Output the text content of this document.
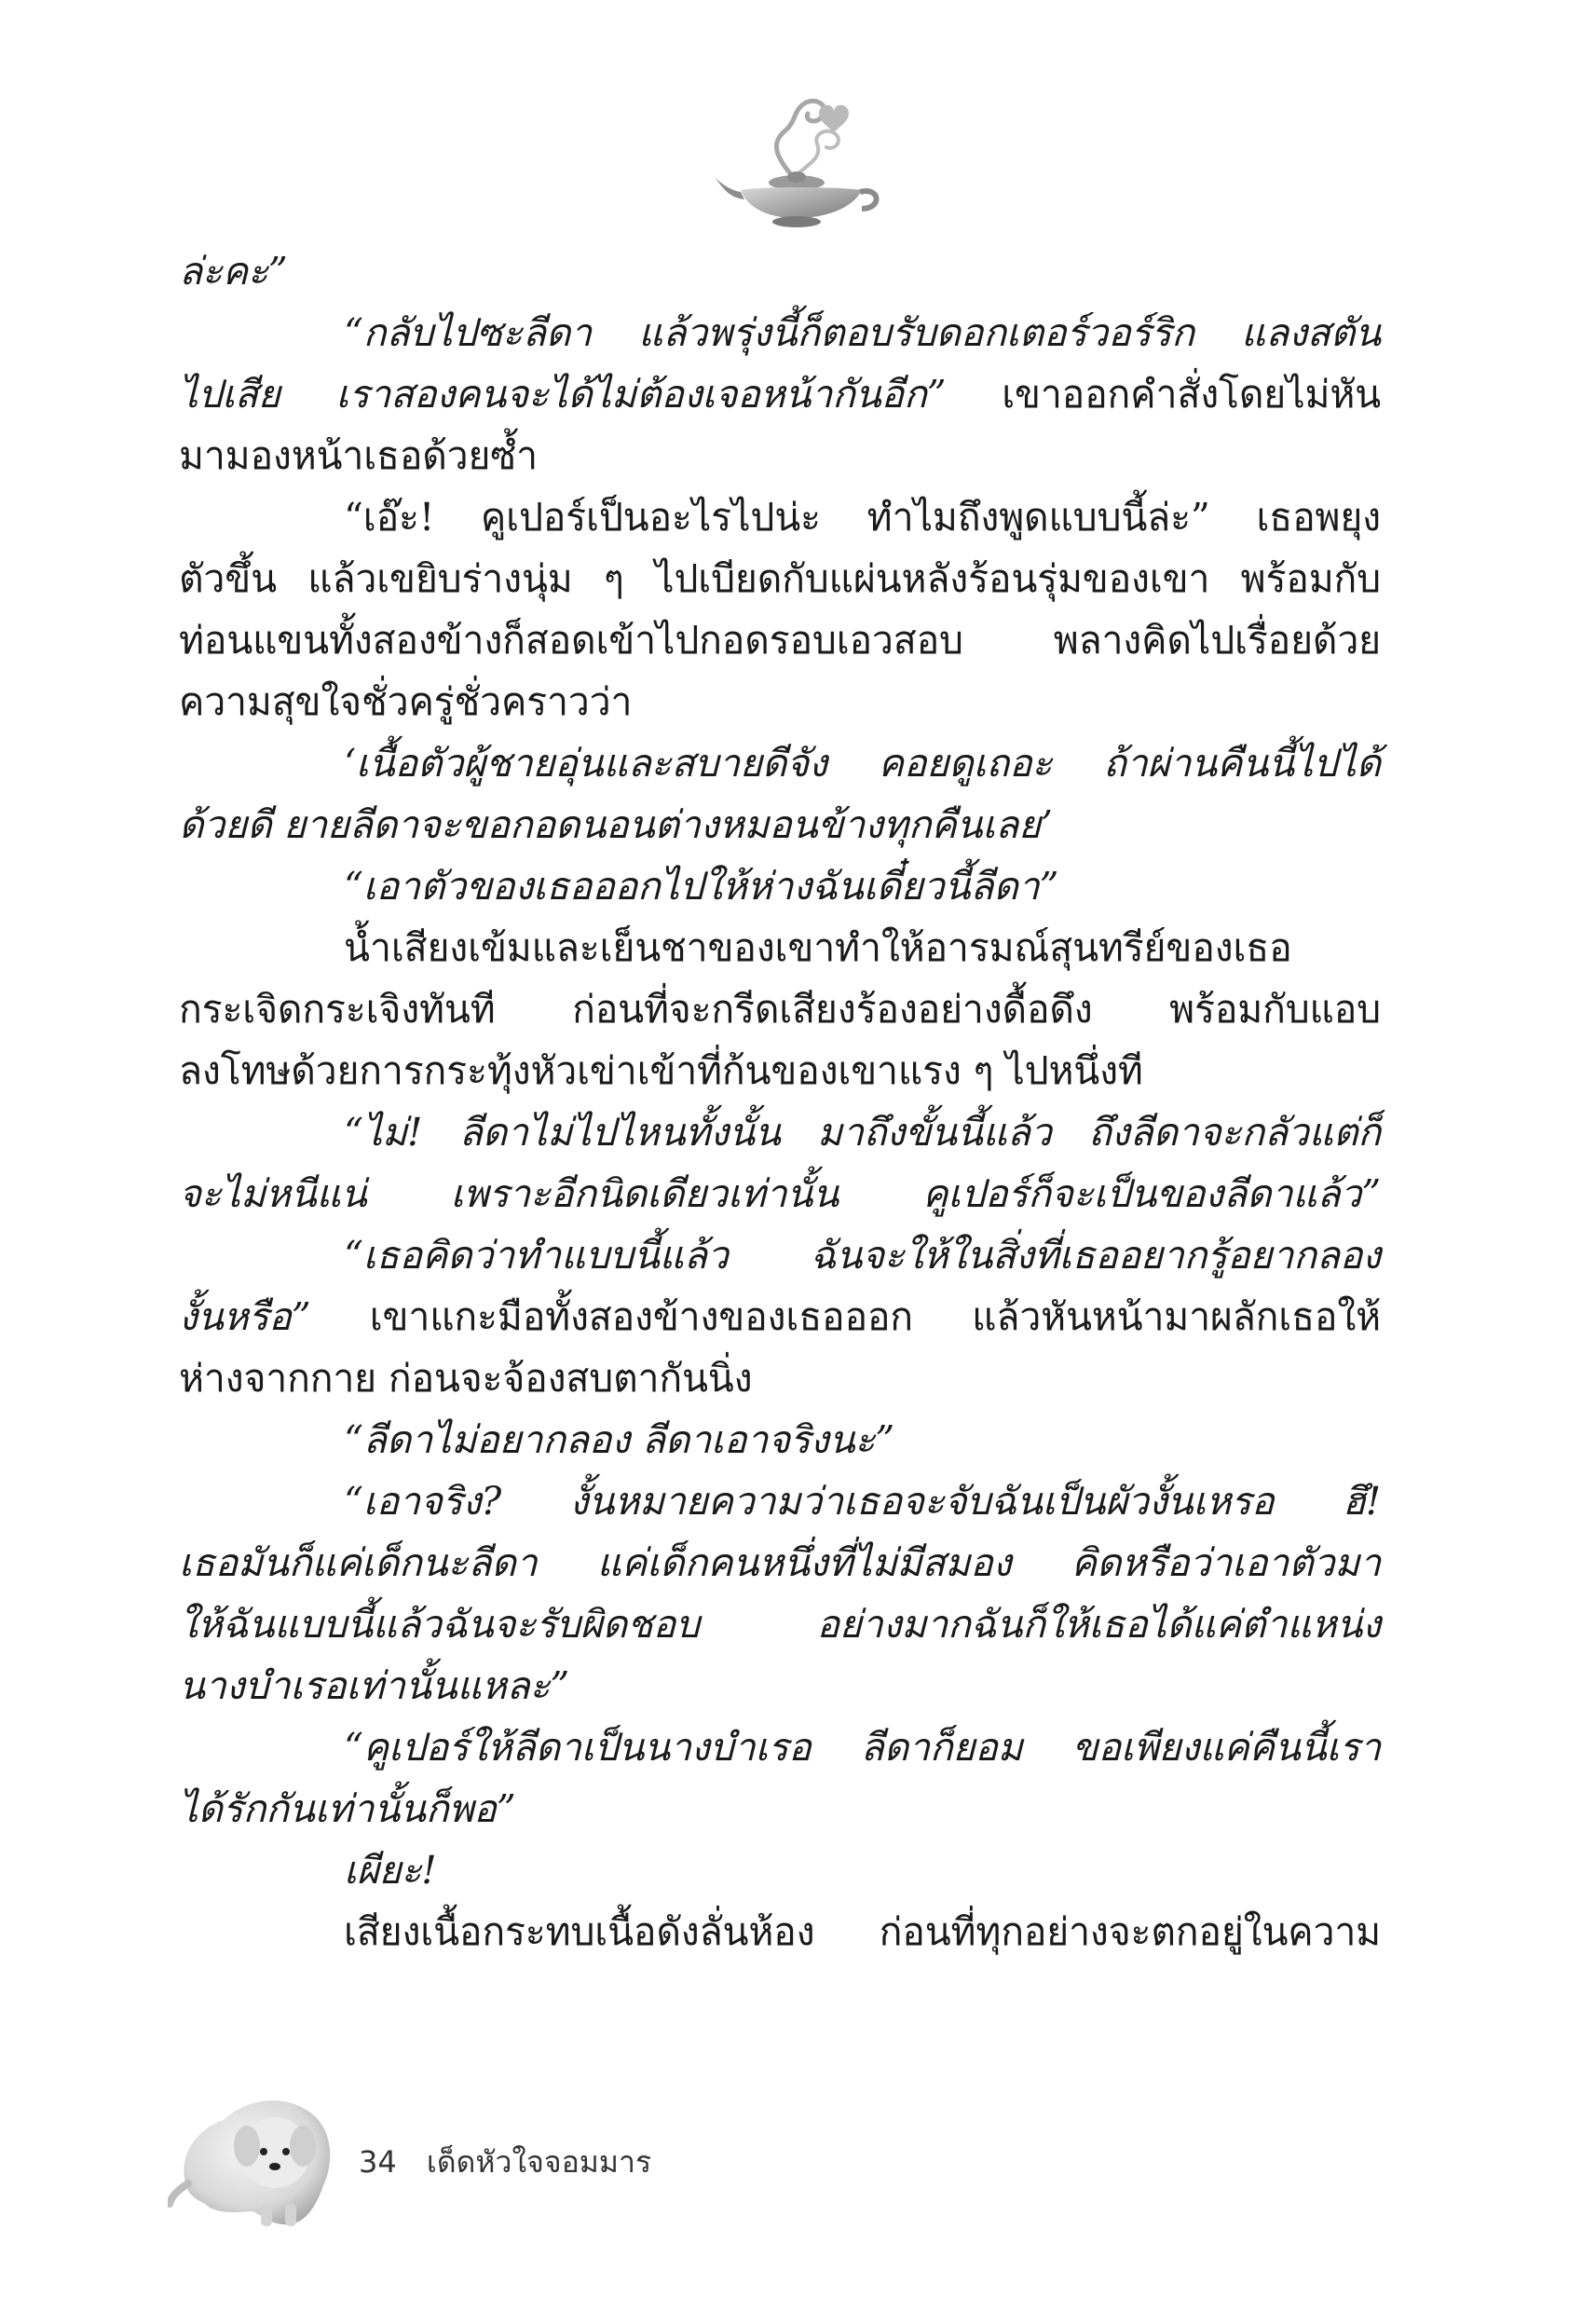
ล่ะคะ”
“กลับไปซะลีดา แล้วพรุ่งนี้ก็ตอบรับดอกเตอร์วอร์ริก แลงสตัน
ไปเสีย เราสองคนจะได้ไม่ต้องเจอหน้ากันอีก” เขาออกคำสั่งโดยไม่หัน
มามองหน้าเธอด้วยซ้ำ
“เอ๊ะ! คูเปอร์เป็นอะไรไปน่ะ ทำไมถึงพูดแบบนี้ล่ะ” เธอพยุง
ตัวขึ้น แล้วเขยิบร่างนุ่ม ๆ ไปเบียดกับแผ่นหลังร้อนรุ่มของเขา พร้อมกับ
ท่อนแขนทั้งสองข้างก็สอดเข้าไปกอดรอบเอวสอบ พลางคิดไปเรื่อยด้วย
ความสุขใจชั่วครู่ชั่วคราวว่า
‘เนื้อตัวผู้ชายอุ่นและสบายดีจัง คอยดูเถอะ ถ้าผ่านคืนนี้ไปได้
ด้วยดี ยายลีดาจะขอกอดนอนต่างหมอนข้างทุกคืนเลย’
“เอาตัวของเธอออกไปให้ห่างฉันเดี๋ยวนี้ลีดา”
น้ำเสียงเข้มและเย็นชาของเขาทำให้อารมณ์สุนทรีย์ของเธอ
กระเจิดกระเจิงทันที ก่อนที่จะกรีดเสียงร้องอย่างดื้อดึง พร้อมกับแอบ
ลงโทษด้วยการกระทุ้งหัวเข่าเข้าที่ก้นของเขาแรง ๆ ไปหนึ่งที
“ไม่! ลีดาไม่ไปไหนทั้งนั้น มาถึงขั้นนี้แล้ว ถึงลีดาจะกลัวแต่ก็
จะไม่หนีแน่ เพราะอีกนิดเดียวเท่านั้น คูเปอร์ก็จะเป็นของลีดาแล้ว”
“เธอคิดว่าทำแบบนี้แล้ว ฉันจะให้ในสิ่งที่เธออยากรู้อยากลอง
งั้นหรือ” เขาแกะมือทั้งสองข้างของเธอออก แล้วหันหน้ามาผลักเธอให้
ห่างจากกาย ก่อนจะจ้องสบตากันนิ่ง
“ลีดาไม่อยากลอง ลีดาเอาจริงนะ”
“เอาจริง? งั้นหมายความว่าเธอจะจับฉันเป็นผัวงั้นเหรอ ฮึ!
เธอมันก็แค่เด็กนะลีดา แค่เด็กคนหนึ่งที่ไม่มีสมอง คิดหรือว่าเอาตัวมา
ให้ฉันแบบนี้แล้วฉันจะรับผิดชอบ อย่างมากฉันก็ให้เธอได้แค่ตำแหน่ง
นางบำเรอเท่านั้นแหละ”
“คูเปอร์ให้ลีดาเป็นนางบำเรอ ลีดาก็ยอม ขอเพียงแค่คืนนี้เรา
ได้รักกันเท่านั้นก็พอ”
เผียะ!
เสียงเนื้อกระทบเนื้อดังลั่นห้อง ก่อนที่ทุกอย่างจะตกอยู่ในความ
34 เด็ดหัวใจจอมมาร
